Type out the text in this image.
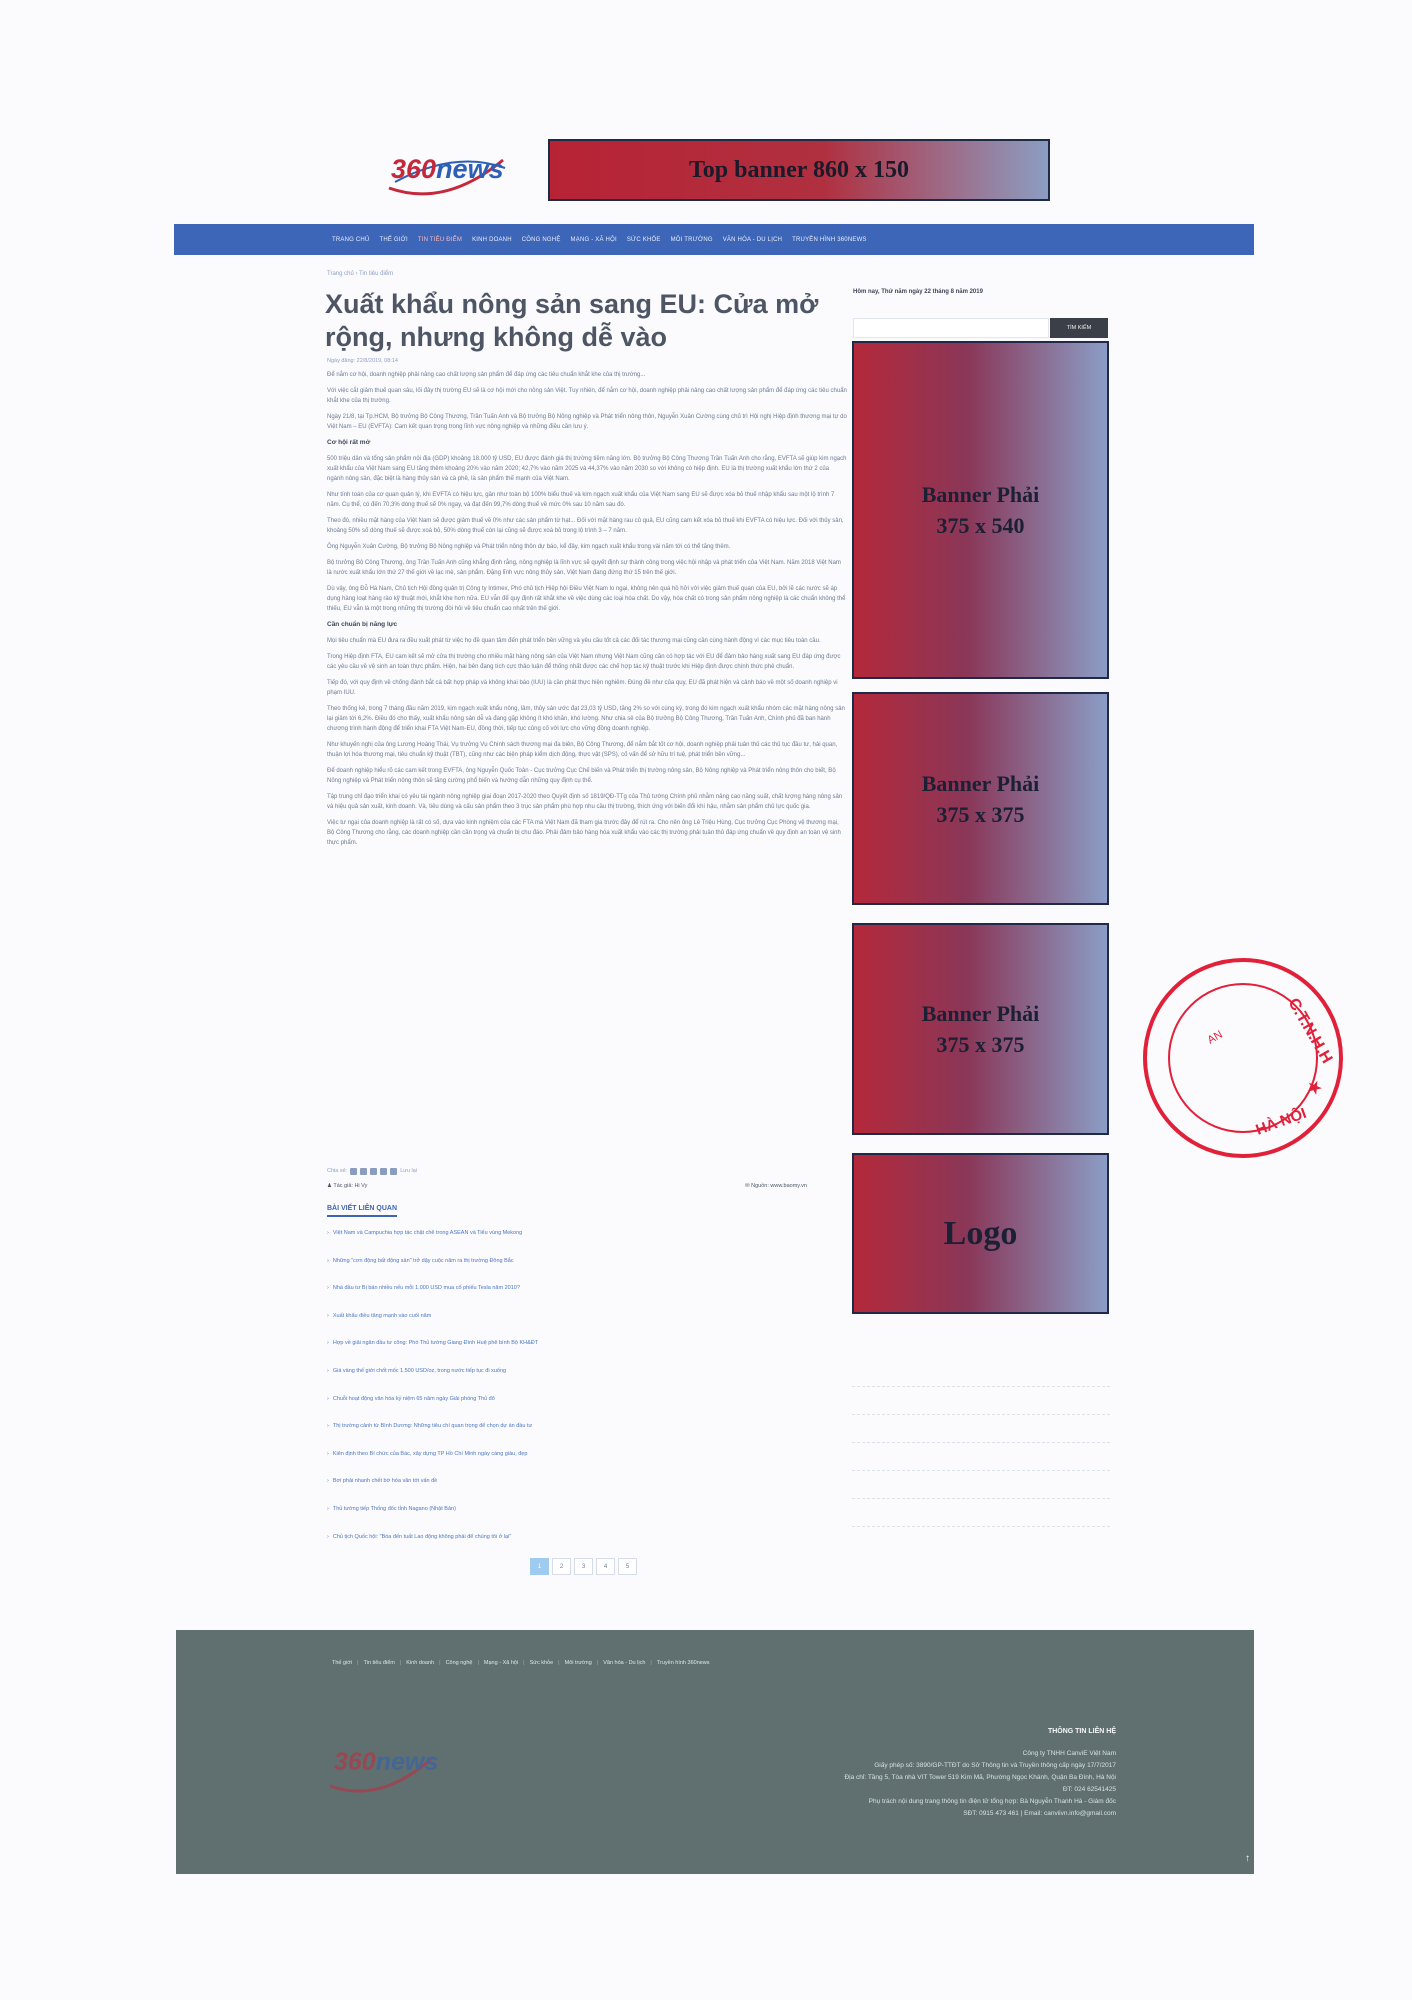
360news	Top banner 860 x 150
TRANG CHỦ THẾ GIỚI TIN TIÊU ĐIỂM KINH DOANH CÔNG NGHỆ MẠNG - XÃ HỘI SỨC KHỎE MÔI TRƯỜNG VĂN HÓA - DU LỊCH TRUYỀN HÌNH 360NEWS
Trang chủ › Tin tiêu điểm
Xuất khẩu nông sản sang EU: Cửa mở rộng, nhưng không dễ vào
Ngày đăng: 22/8/2019, 08:14

Để nắm cơ hội, doanh nghiệp phải nâng cao chất lượng sản phẩm để đáp ứng các tiêu chuẩn khắt khe của thị trường...

Với việc cắt giảm thuế quan sâu, lối đây thị trường EU sẽ là cơ hội mới cho nông sản Việt. Tuy nhiên, để nắm cơ hội, doanh nghiệp phải nâng cao chất lượng sản phẩm để đáp ứng các tiêu chuẩn khắt khe của thị trường.

Ngày 21/8, tại Tp.HCM, Bộ trưởng Bộ Công Thương, Trần Tuấn Anh và Bộ trưởng Bộ Nông nghiệp và Phát triển nông thôn, Nguyễn Xuân Cường cùng chủ trì Hội nghị Hiệp định thương mại tự do Việt Nam – EU (EVFTA): Cam kết quan trọng trong lĩnh vực nông nghiệp và những điều cần lưu ý.

Cơ hội rất mở

500 triệu dân và tổng sản phẩm nội địa (GDP) khoảng 18.000 tỷ USD, EU được đánh giá thị trường tiềm năng lớn. Bộ trưởng Bộ Công Thương Trần Tuấn Anh cho rằng, EVFTA sẽ giúp kim ngạch xuất khẩu của Việt Nam sang EU tăng thêm khoảng 20% vào năm 2020; 42,7% vào năm 2025 và 44,37% vào năm 2030 so với không có hiệp định. EU là thị trường xuất khẩu lớn thứ 2 của ngành nông sản, đặc biệt là hàng thủy sản và cà phê, là sản phẩm thế mạnh của Việt Nam.

Như tính toán của cơ quan quản lý, khi EVFTA có hiệu lực, gần như toàn bộ 100% biểu thuế và kim ngạch xuất khẩu của Việt Nam sang EU sẽ được xóa bỏ thuế nhập khẩu sau một lộ trình 7 năm. Cụ thể, có đến 70,3% dòng thuế sẽ 0% ngay, và đạt đến 99,7% dòng thuế về mức 0% sau 10 năm sau đó.

Theo đó, nhiều mặt hàng của Việt Nam sẽ được giảm thuế về 0% như các sản phẩm từ hạt... Đối với mặt hàng rau củ quả, EU cũng cam kết xóa bỏ thuế khi EVFTA có hiệu lực. Đối với thủy sản, khoảng 50% số dòng thuế sẽ được xoá bỏ, 50% dòng thuế còn lại cũng sẽ được xoá bỏ trong lộ trình 3 – 7 năm.

Ông Nguyễn Xuân Cường, Bộ trưởng Bộ Nông nghiệp và Phát triển nông thôn dự báo, kể đây, kim ngạch xuất khẩu trong vài năm tới có thể tăng thêm.

Bộ trưởng Bộ Công Thương, ông Trần Tuấn Anh cũng khẳng định rằng, nông nghiệp là lĩnh vực sẽ quyết định sự thành công trong việc hội nhập và phát triển của Việt Nam. Năm 2018 Việt Nam là nước xuất khẩu lớn thứ 27 thế giới về lạc mè, sản phẩm. Đặng lĩnh vực nông thủy sản, Việt Nam đang đứng thứ 15 trên thế giới.

Dù vậy, ông Đỗ Hà Nam, Chủ tịch Hội đồng quản trị Công ty Intimex, Phó chủ tịch Hiệp hội Điều Việt Nam lo ngại, không nên quá hồ hởi với việc giảm thuế quan của EU, bởi lẽ các nước sẽ áp dụng hàng loạt hàng rào kỹ thuật mới, khắt khe hơn nữa. EU vẫn để quy định rất khắt khe về việc dùng các loại hóa chất. Do vậy, hóa chất có trong sản phẩm nông nghiệp là các chuẩn không thể thiếu, EU vẫn là một trong những thị trường đòi hỏi về tiêu chuẩn cao nhất trên thế giới.

Cần chuẩn bị năng lực

Mọi tiêu chuẩn mà EU đưa ra đều xuất phát từ việc họ đề quan tâm đến phát triển bền vững và yêu cầu tốt cả các đối tác thương mại cũng cần cùng hành động vì các mục tiêu toàn cầu.

Trong Hiệp định FTA, EU cam kết sẽ mở cửa thị trường cho nhiều mặt hàng nông sản của Việt Nam nhưng Việt Nam cũng cần có hợp tác với EU để đảm bảo hàng xuất sang EU đáp ứng được các yêu cầu về vệ sinh an toàn thực phẩm. Hiện, hai bên đang tích cực thảo luận để thống nhất được các chế hợp tác kỹ thuật trước khi Hiệp định được chính thức phê chuẩn.

Tiếp đó, với quy định về chống đánh bắt cá bất hợp pháp và không khai báo (IUU) là cần phát thực hiện nghiêm. Đúng đề như của quy, EU đã phát hiện và cảnh báo về một số doanh nghiệp vi phạm IUU.

Theo thống kê, trong 7 tháng đầu năm 2019, kim ngạch xuất khẩu nông, lâm, thủy sản ước đạt 23,03 tỷ USD, tăng 2% so với cùng kỳ, trong đó kim ngạch xuất khẩu nhóm các mặt hàng nông sản lại giảm tới 6,2%. Điều đó cho thấy, xuất khẩu nông sản dễ và đang gặp không ít khó khăn, khó lường. Như chia sẻ của Bộ trưởng Bộ Công Thương, Trần Tuấn Anh, Chính phủ đã ban hành chương trình hành động để triển khai FTA Việt Nam-EU, đồng thời, tiếp tục củng cố với lực cho vững đồng doanh nghiệp.

Như khuyến nghị của ông Lương Hoàng Thái, Vụ trưởng Vụ Chính sách thương mại đa biên, Bộ Công Thương, để nắm bắt tốt cơ hội, doanh nghiệp phải tuân thủ các thủ tục đầu tư, hải quan, thuận lợi hóa thương mại, tiêu chuẩn kỹ thuật (TBT), cũng như các biện pháp kiểm dịch động, thực vật (SPS), cố vấn để sở hữu trí tuệ, phát triển bền vững...

Để doanh nghiệp hiểu rõ các cam kết trong EVFTA, ông Nguyễn Quốc Toản - Cục trưởng Cục Chế biến và Phát triển thị trường nông sản, Bộ Nông nghiệp và Phát triển nông thôn cho biết, Bộ Nông nghiệp và Phát triển nông thôn sẽ tăng cường phổ biến và hướng dẫn những quy định cụ thể.

Tập trung chỉ đạo triển khai có yêu tái ngành nông nghiệp giai đoạn 2017-2020 theo Quyết định số 1819/QĐ-TTg của Thủ tướng Chính phủ nhằm nâng cao năng suất, chất lượng hàng nông sản và hiệu quả sản xuất, kinh doanh. Và, tiêu dùng và cấu sản phẩm theo 3 trục sản phẩm phù hợp nhu cầu thị trường, thích ứng với biến đổi khí hậu, nhằm sản phẩm chủ lực quốc gia.

Việc tư ngại của doanh nghiệp là rất có số, dựa vào kinh nghiệm của các FTA mà Việt Nam đã tham gia trước đây để rút ra. Cho nên ông Lê Triệu Hùng, Cục trưởng Cục Phòng vệ thương mại, Bộ Công Thương cho rằng, các doanh nghiệp cần cần trọng và chuẩn bị chu đáo. Phải đảm bảo hàng hóa xuất khẩu vào các thị trường phải tuân thủ đáp ứng chuẩn về quy định an toàn vệ sinh thực phẩm.

Chia sẻ:	Lưu lại
♟ Tác giả: Hi Vy	✉ Nguồn: www.baomy.vn
BÀI VIẾT LIÊN QUAN
› Việt Nam và Campuchia hợp tác chặt chẽ trong ASEAN và Tiểu vùng Mekong
› Những "cơn động bất động sản" trở dậy cuộc năm ra thị trường Đông Bắc
› Nhà đầu tư Bị bán nhiều nếu mỗi 1.000 USD mua cổ phiếu Tesla năm 2010?
› Xuất khẩu điều tăng mạnh vào cuối năm
› Hợp về giải ngân đầu tư công: Phó Thủ tướng Giang Đình Huệ phê bình Bộ KH&ĐT
› Giá vàng thế giới chốt mốc 1.500 USD/oz, trong nước tiếp tục đi xuống
› Chuỗi hoạt động văn hóa kỷ niệm 65 năm ngày Giải phóng Thủ đô
› Thị trường cảnh từ Bình Dương: Những tiêu chí quan trọng để chọn dự án đầu tư
› Kiên định theo Bí chức của Bác, xây dựng TP Hồ Chí Minh ngày càng giàu, đẹp
› Bơi phải nhanh chết bờ hóa văn tới vấn đề
› Thủ tướng tiếp Thống đốc tỉnh Nagano (Nhật Bản)
› Chủ tịch Quốc hội: "Bóa đến tuất Lao động không phải để chúng tôi ở lại"
1	2	3	4	5
Hôm nay, Thứ năm ngày 22 tháng 8 năm 2019
TÌM KIẾM
Banner Phải
375 x 540
Banner Phải
375 x 375
Banner Phải
375 x 375
Logo
C.T.N.H.H
★
HÀ NỘI
AN
Thế giới | Tin tiêu điểm | Kinh doanh | Công nghệ | Mạng - Xã hội | Sức khỏe | Môi trường | Văn hóa - Du lịch | Truyền hình 360news
360news
THÔNG TIN LIÊN HỆ
Công ty TNHH CanviE Việt Nam
Giấy phép số: 3890/GP-TTĐT do Sở Thông tin và Truyền thông cấp ngày 17/7/2017
Địa chỉ: Tầng 5, Tòa nhà VIT Tower 519 Kim Mã, Phường Ngọc Khánh, Quận Ba Đình, Hà Nội
ĐT: 024 62541425
Phụ trách nội dung trang thông tin điện tử tổng hợp: Bà Nguyễn Thanh Hà - Giám đốc
SĐT: 0915 473 461 | Email: canviivn.info@gmail.com
↑
